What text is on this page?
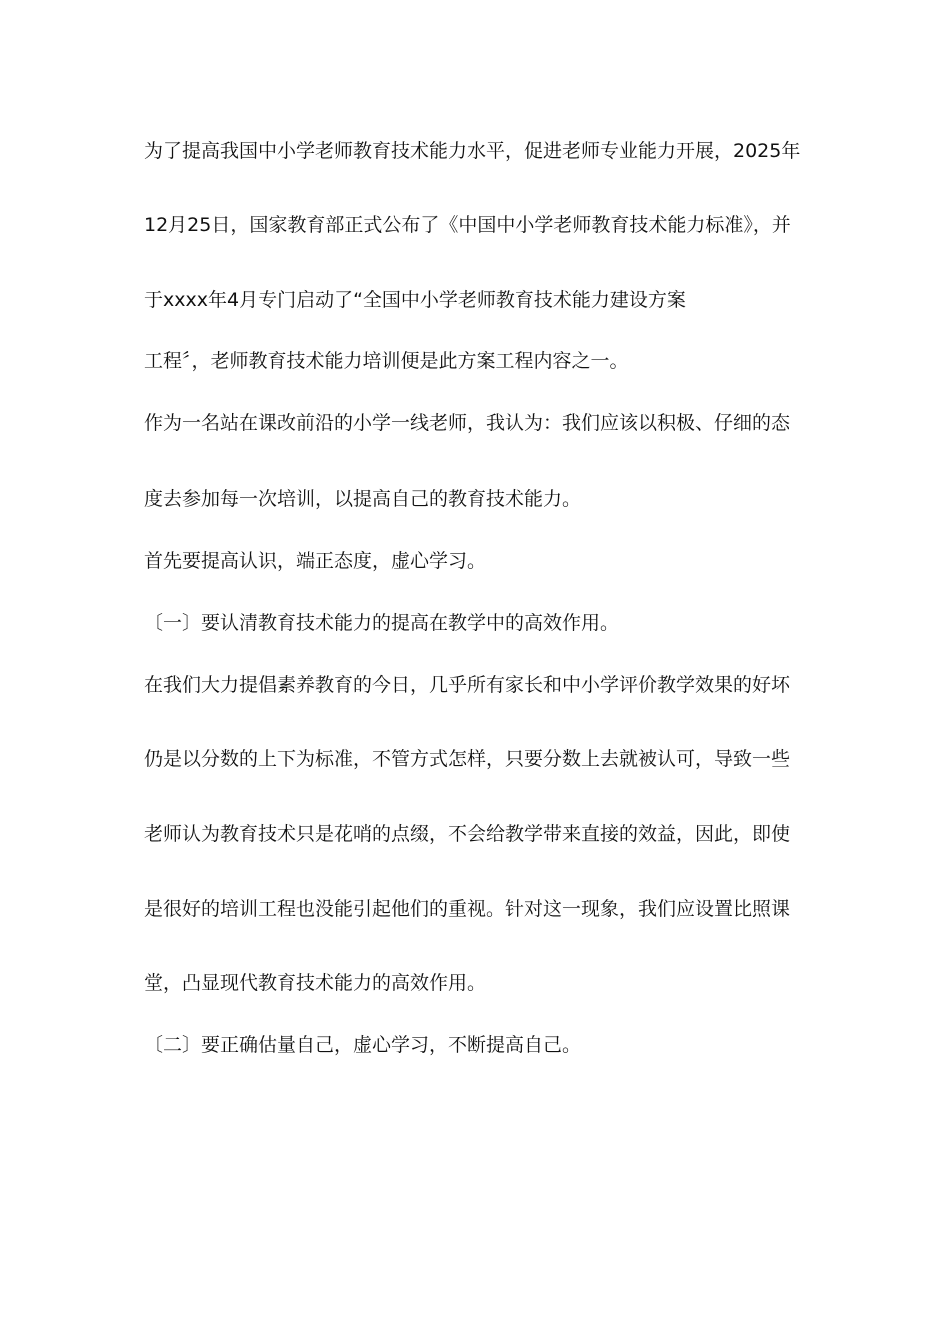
为了提高我国中小学老师教育技术能力水平，促进老师专业能力开展，2025年
12月25日，国家教育部正式公布了《中国中小学老师教育技术能力标准》，并
于xxxx年4月专门启动了“全国中小学老师教育技术能力建设方案
工程〞，老师教育技术能力培训便是此方案工程内容之一。
作为一名站在课改前沿的小学一线老师，我认为：我们应该以积极、仔细的态
度去参加每一次培训，以提高自己的教育技术能力。
首先要提高认识，端正态度，虚心学习。
〔一〕要认清教育技术能力的提高在教学中的高效作用。
在我们大力提倡素养教育的今日，几乎所有家长和中小学评价教学效果的好坏
仍是以分数的上下为标准，不管方式怎样，只要分数上去就被认可，导致一些
老师认为教育技术只是花哨的点缀，不会给教学带来直接的效益，因此，即使
是很好的培训工程也没能引起他们的重视。针对这一现象，我们应设置比照课
堂，凸显现代教育技术能力的高效作用。
〔二〕要正确估量自己，虚心学习，不断提高自己。
